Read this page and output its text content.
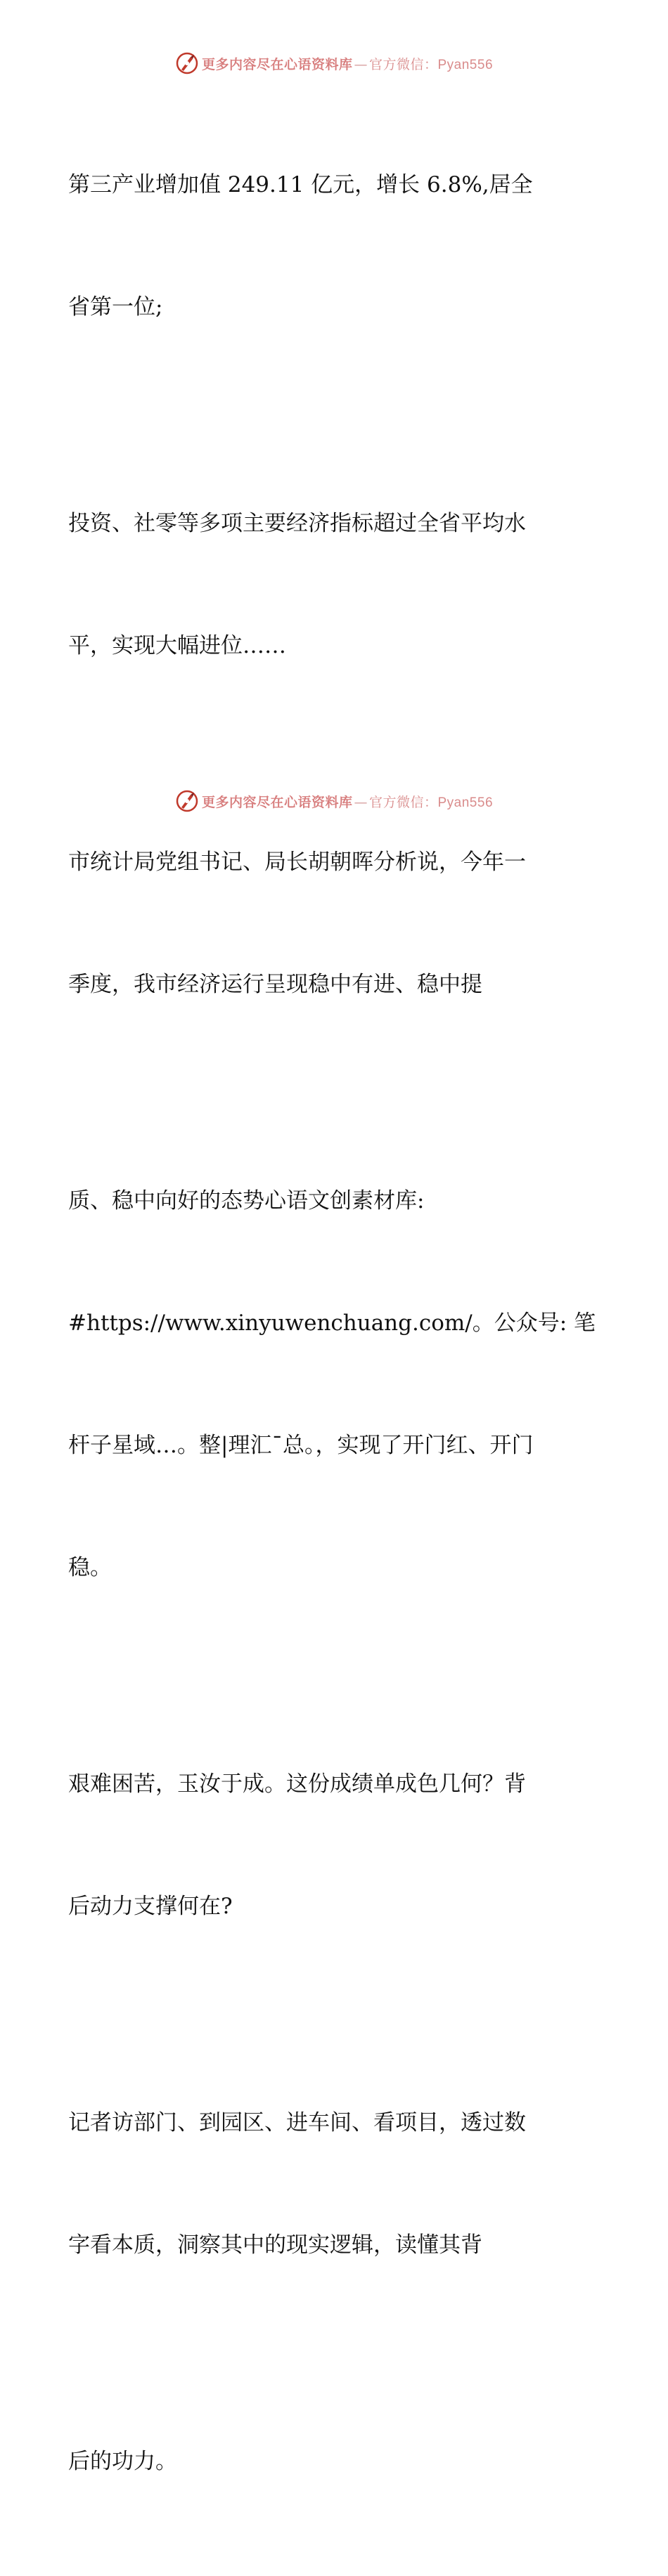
更多内容尽在心语资料库 — 官方微信：Pyan556

第三产业增加值 249.11 亿元，增长 6.8%,居全

省第一位;

投资、社零等多项主要经济指标超过全省平均水

平，实现大幅进位……

市统计局党组书记、局长胡朝晖分析说，今年一

季度，我市经济运行呈现稳中有进、稳中提

质、稳中向好的态势心语文创素材库:

#https://www.xinyuwenchuang.com/。公众号: 笔

杆子星域…。整|理汇¯总。，实现了开门红、开门

稳。

艰难困苦，玉汝于成。这份成绩单成色几何？背

后动力支撑何在?

记者访部门、到园区、进车间、看项目，透过数

字看本质，洞察其中的现实逻辑，读懂其背

后的功力。

更多内容尽在心语资料库 — 官方微信：Pyan556
